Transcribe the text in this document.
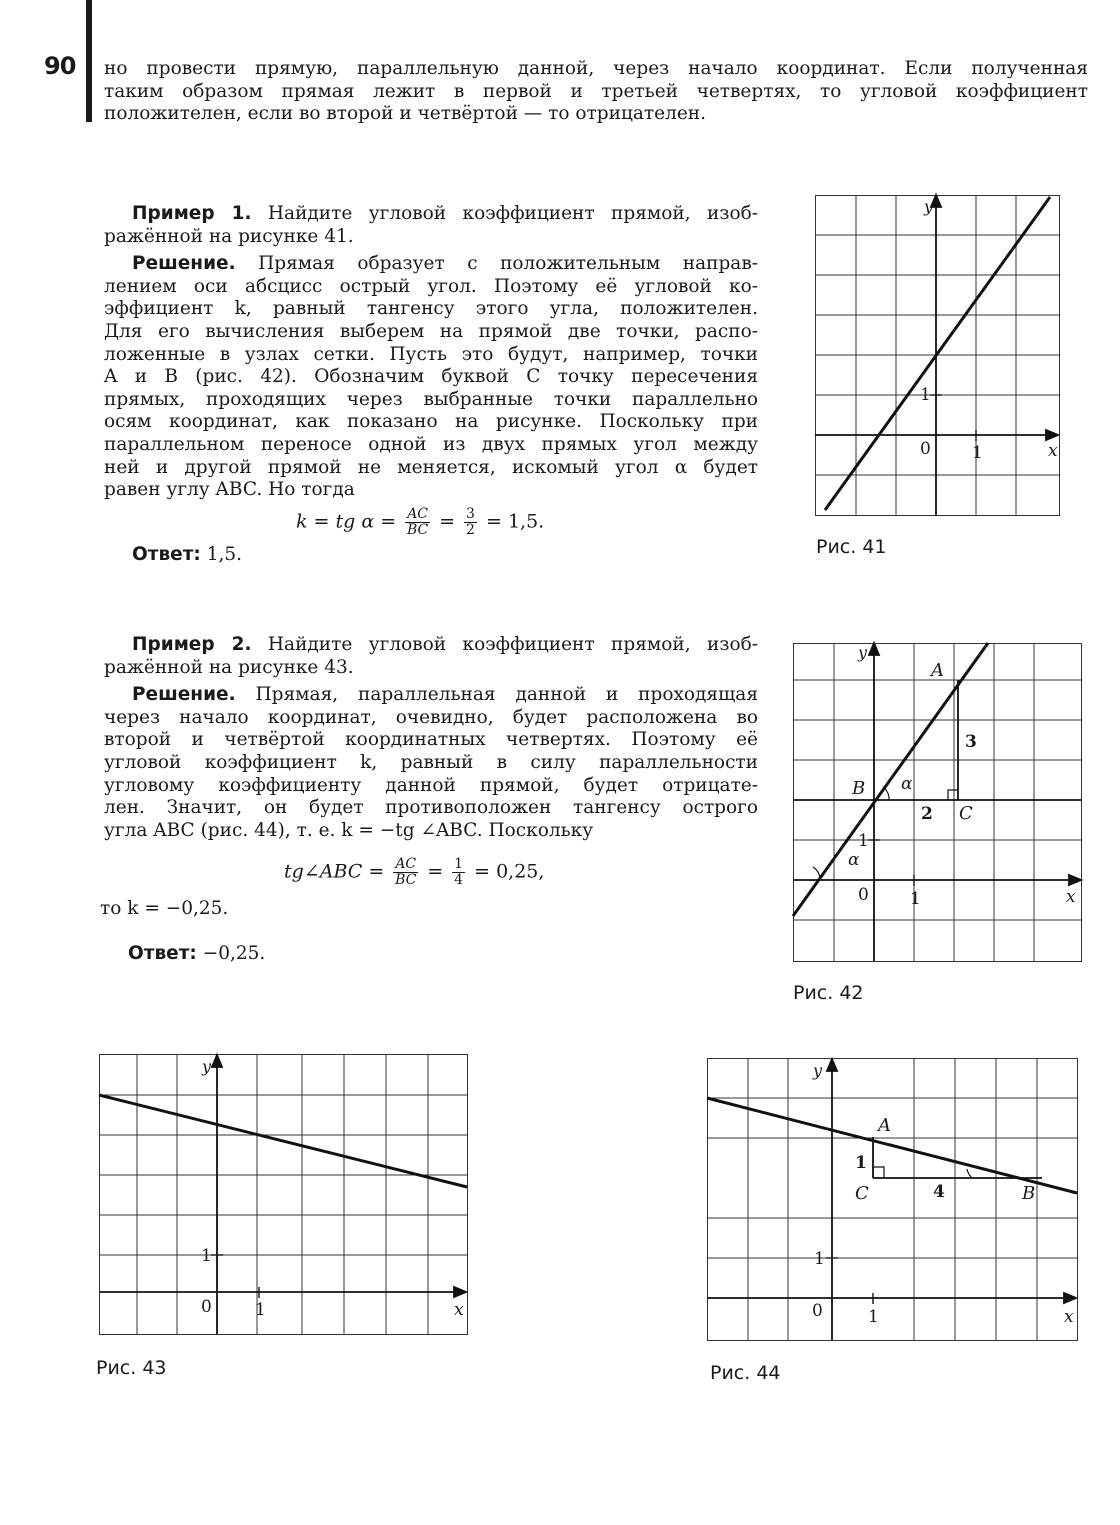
90 но провести прямую, параллельную данной, через начало координат. Если полученная
таким образом прямая лежит в первой и третьей четвертях, то угловой коэффициент
положителен, если во второй и четвёртой — то отрицателен.
Пример 1. Найдите угловой коэффициент прямой, изоб-
ражённой на рисунке 41.
Решение. Прямая образует с положительным направ-
лением оси абсцисс острый угол. Поэтому её угловой ко-
эффициент k, равный тангенсу этого угла, положителен.
Для его вычисления выберем на прямой две точки, распо-
ложенные в узлах сетки. Пусть это будут, например, точки
A и B (рис. 42). Обозначим буквой C точку пересечения
прямых, проходящих через выбранные точки параллельно
осям координат, как показано на рисунке. Поскольку при
параллельном переносе одной из двух прямых угол между
ней и другой прямой не меняется, искомый угол α будет
равен углу ABC. Но тогда
k = tg $\alpha = \frac{AC}{BC} = \frac{3}{2} = 1,5$.
Ответ: 1,5.
Пример 2. Найдите угловой коэффициент прямой, изоб-
ражённой на рисунке 43.
Решение. Прямая, параллельная данной и проходящая
через начало координат, очевидно, будет расположена во
второй и четвёртой координатных четвертях. Поэтому её
угловой коэффициент k, равный в силу параллельности
угловому коэффициенту данной прямой, будет отрицате-
лен. Значит, он будет противоположен тангенсу острого
угла ABC (рис. 44), т. е. k = −tg ∠ABC. Поскольку
tg∠ABC = $\frac{AC}{BC} = \frac{1}{4} = 0,25$,
то k = −0,25.
Ответ: −0,25.
y
x
0 1
1
Рис. 41
y
x
0 1
1
A
B
C
3
2
α
α
Рис. 42
y
x
0	1
1
Рис. 43
y
x
0	1
1
A
B
C
1
4
Рис. 44
